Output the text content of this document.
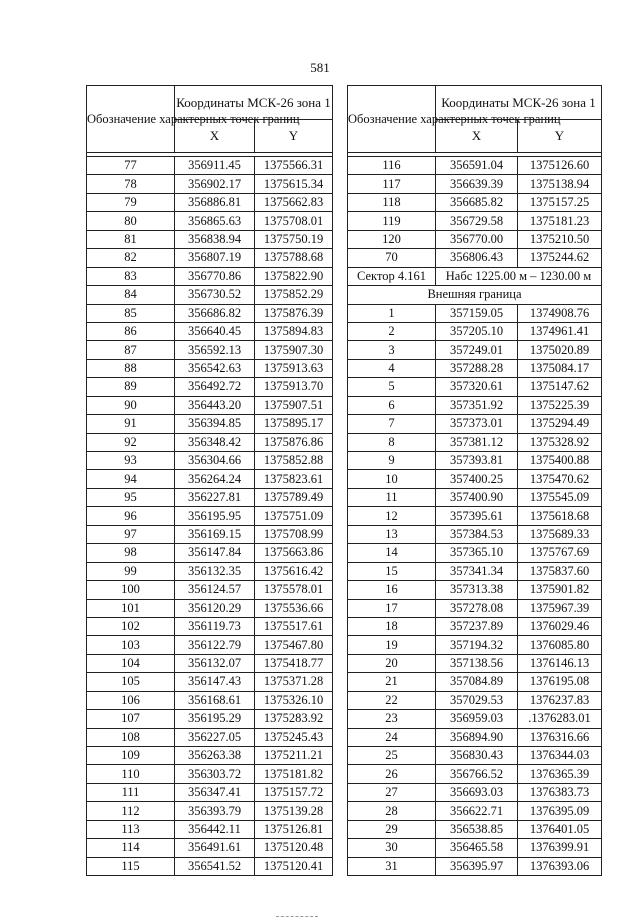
581
Обозначение характерных точек границ	Координаты МСК-26 зона 1	
	X	Y

77	356911.45	1375566.31
78	356902.17	1375615.34
79	356886.81	1375662.83
80	356865.63	1375708.01
81	356838.94	1375750.19
82	356807.19	1375788.68
83	356770.86	1375822.90
84	356730.52	1375852.29
85	356686.82	1375876.39
86	356640.45	1375894.83
87	356592.13	1375907.30
88	356542.63	1375913.63
89	356492.72	1375913.70
90	356443.20	1375907.51
91	356394.85	1375895.17
92	356348.42	1375876.86
93	356304.66	1375852.88
94	356264.24	1375823.61
95	356227.81	1375789.49
96	356195.95	1375751.09
97	356169.15	1375708.99
98	356147.84	1375663.86
99	356132.35	1375616.42
100	356124.57	1375578.01
101	356120.29	1375536.66
102	356119.73	1375517.61
103	356122.79	1375467.80
104	356132.07	1375418.77
105	356147.43	1375371.28
106	356168.61	1375326.10
107	356195.29	1375283.92
108	356227.05	1375245.43
109	356263.38	1375211.21
110	356303.72	1375181.82
111	356347.41	1375157.72
112	356393.79	1375139.28
113	356442.11	1375126.81
114	356491.61	1375120.48
115	356541.52	1375120.41
Обозначение характерных точек границ	Координаты МСК-26 зона 1	
	X	Y

116	356591.04	1375126.60
117	356639.39	1375138.94
118	356685.82	1375157.25
119	356729.58	1375181.23
120	356770.00	1375210.50
70	356806.43	1375244.62
Сектор 4.161	Набс 1225.00 м – 1230.00 м	
Внешняя граница		
1	357159.05	1374908.76
2	357205.10	1374961.41
3	357249.01	1375020.89
4	357288.28	1375084.17
5	357320.61	1375147.62
6	357351.92	1375225.39
7	357373.01	1375294.49
8	357381.12	1375328.92
9	357393.81	1375400.88
10	357400.25	1375470.62
11	357400.90	1375545.09
12	357395.61	1375618.68
13	357384.53	1375689.33
14	357365.10	1375767.69
15	357341.34	1375837.60
16	357313.38	1375901.82
17	357278.08	1375967.39
18	357237.89	1376029.46
19	357194.32	1376085.80
20	357138.56	1376146.13
21	357084.89	1376195.08
22	357029.53	1376237.83
23	356959.03	.1376283.01
24	356894.90	1376316.66
25	356830.43	1376344.03
26	356766.52	1376365.39
27	356693.03	1376383.73
28	356622.71	1376395.09
29	356538.85	1376401.05
30	356465.58	1376399.91
31	356395.97	1376393.06
